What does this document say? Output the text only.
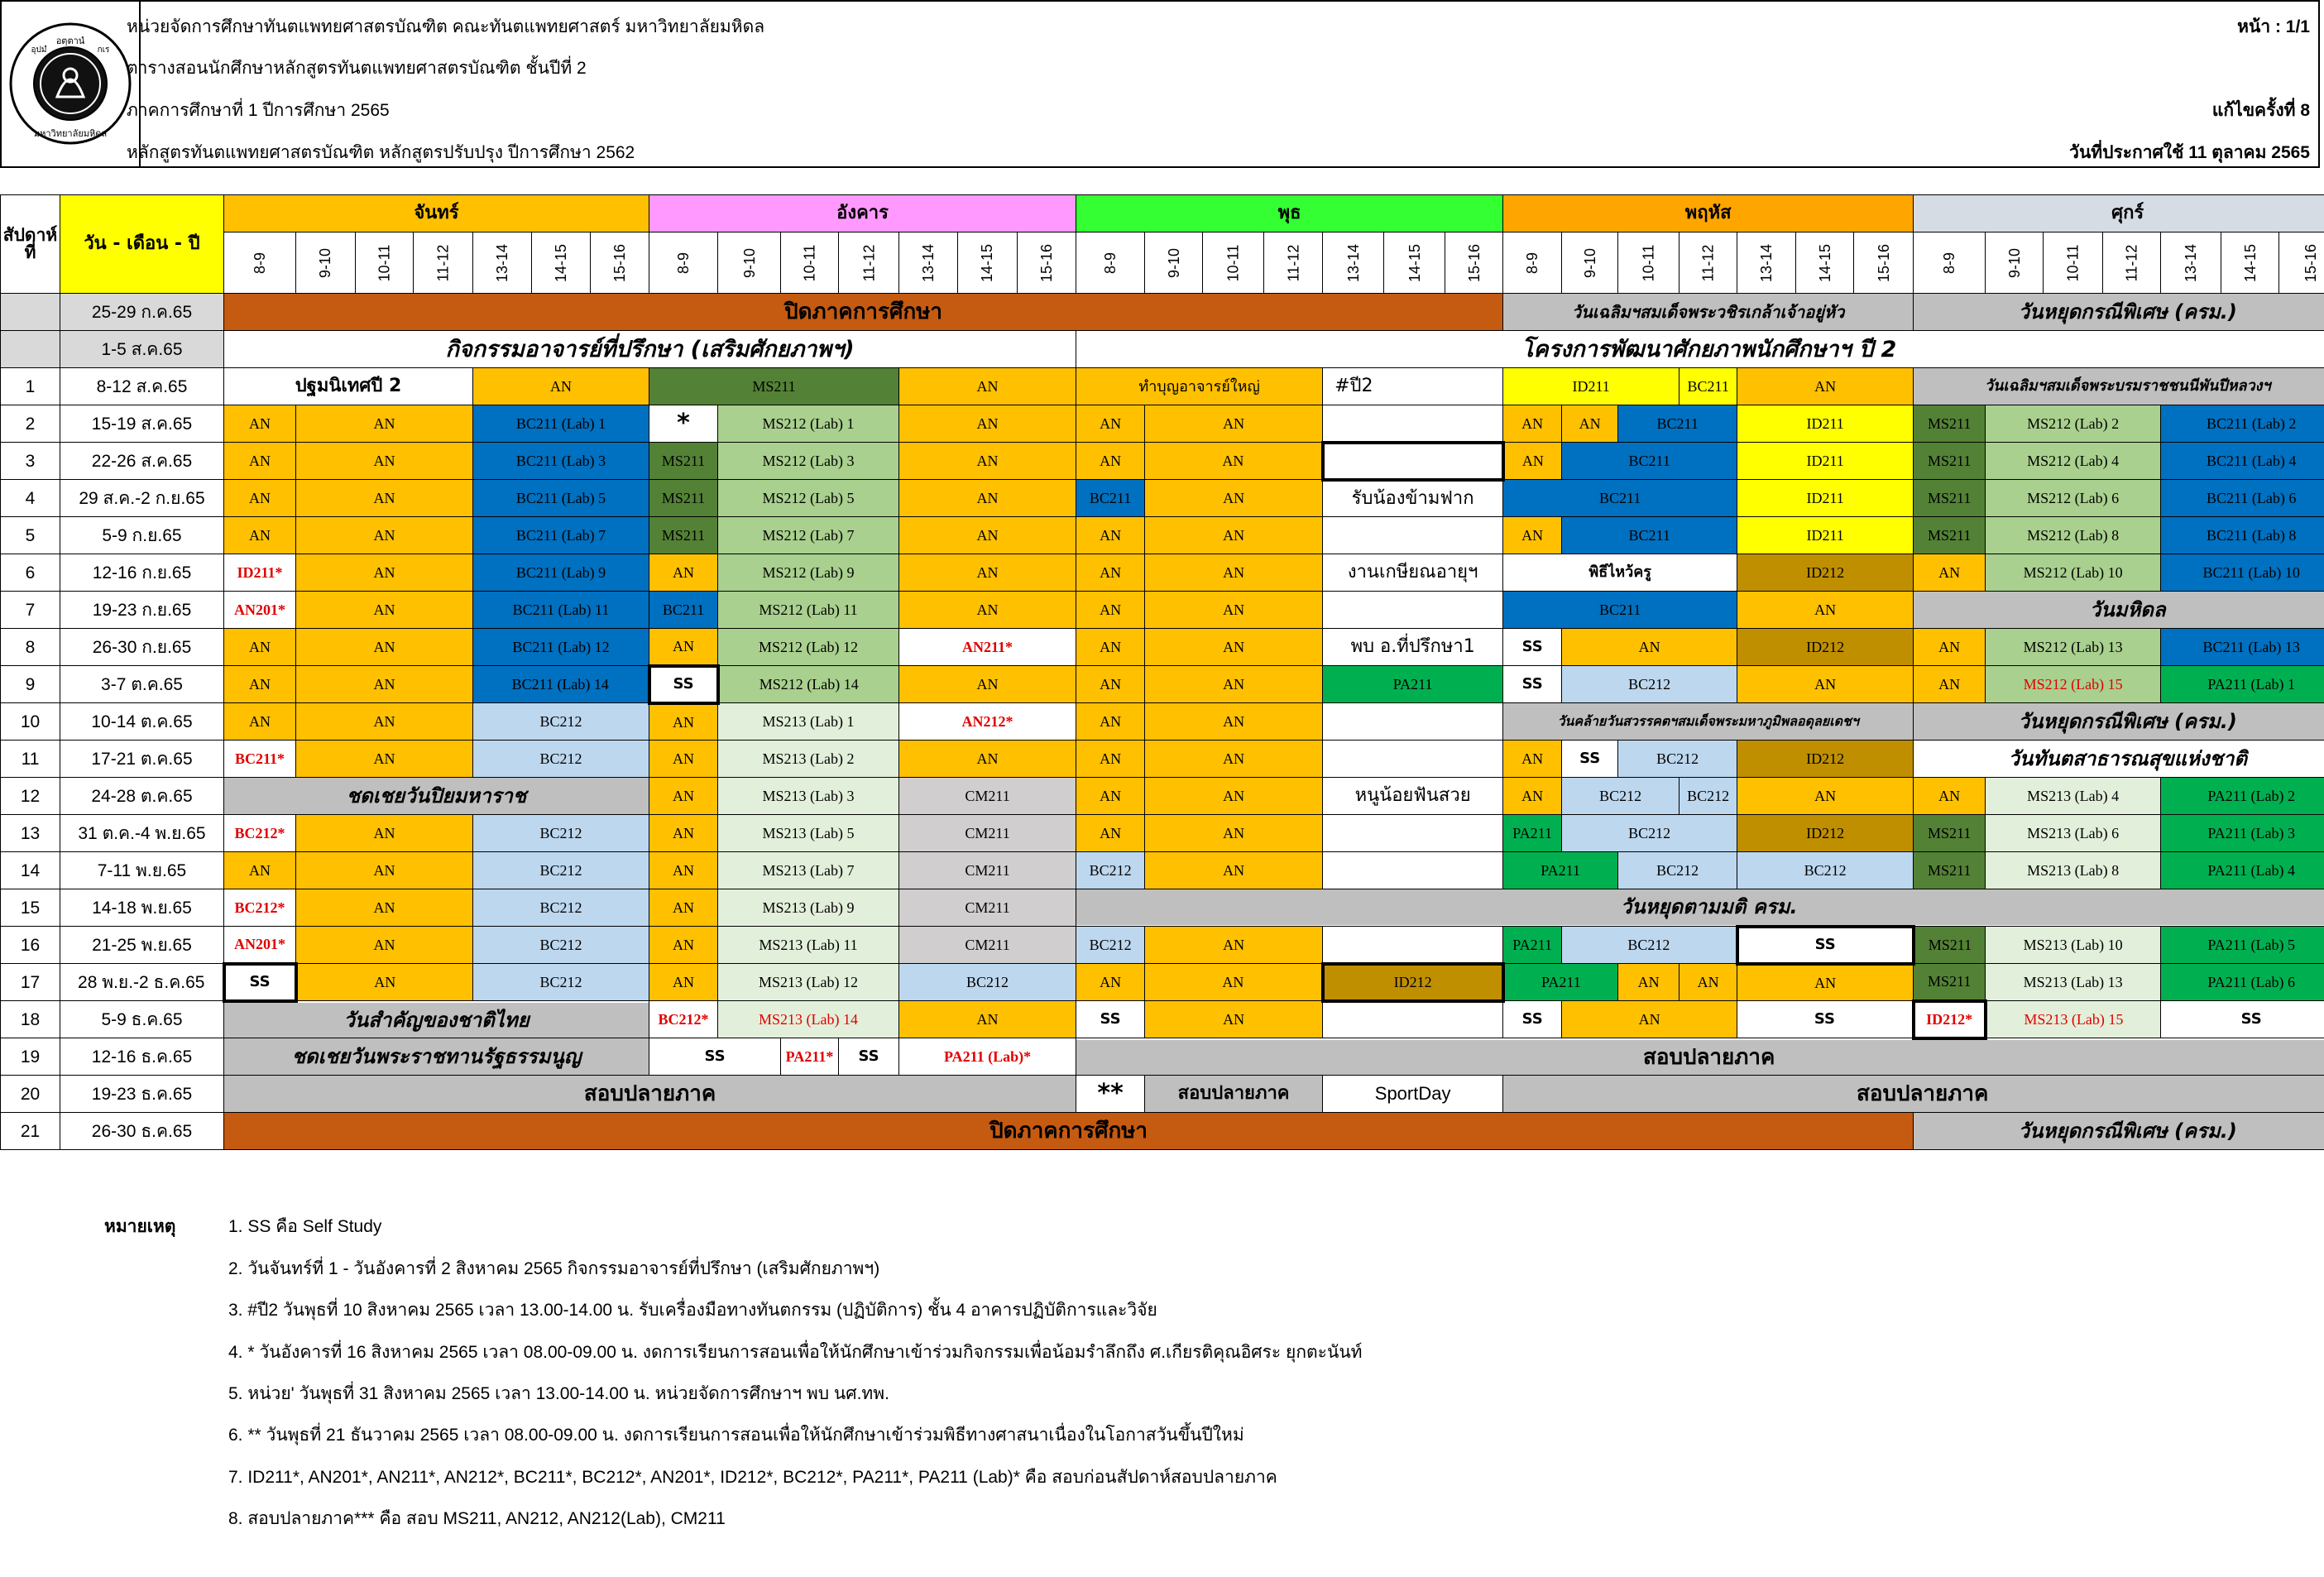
อตฺตานํ
อุปมํ	กเร
มหาวิทยาลัยมหิดล
หน่วยจัดการศึกษาทันตแพทยศาสตรบัณฑิต คณะทันตแพทยศาสตร์ มหาวิทยาลัยมหิดล
ตารางสอนนักศึกษาหลักสูตรทันตแพทยศาสตรบัณฑิต ชั้นปีที่ 2
ภาคการศึกษาที่ 1 ปีการศึกษา 2565
หลักสูตรทันตแพทยศาสตรบัณฑิต หลักสูตรปรับปรุง ปีการศึกษา 2562
หน้า : 1/1
แก้ไขครั้งที่ 8
วันที่ประกาศใช้ 11 ตุลาคม 2565
สัปดาห์ที่	วัน - เดือน - ปี	จันทร์							อังคาร							พุธ							พฤหัส							ศุกร์						
		8-9	9-10	10-11	11-12	13-14	14-15	15-16	8-9	9-10	10-11	11-12	13-14	14-15	15-16	8-9	9-10	10-11	11-12	13-14	14-15	15-16	8-9	9-10	10-11	11-12	13-14	14-15	15-16	8-9	9-10	10-11	11-12	13-14	14-15	15-16
	25-29 ก.ค.65	ปิดภาคการศึกษา																					วันเฉลิมฯสมเด็จพระวชิรเกล้าเจ้าอยู่หัว							วันหยุดกรณีพิเศษ (ครม.)						
	1-5 ส.ค.65	กิจกรรมอาจารย์ที่ปรึกษา (เสริมศักยภาพฯ)														โครงการพัฒนาศักยภาพนักศึกษาฯ ปี 2																				
1	8-12 ส.ค.65	ปฐมนิเทศปี 2				AN			MS211				AN			ทำบุญอาจารย์ใหญ่				#ปี2			ID211			BC211	AN			วันเฉลิมฯสมเด็จพระบรมราชชนนีพันปีหลวงฯ						
2	15-19 ส.ค.65	AN	AN			BC211 (Lab) 1			*	MS212 (Lab) 1			AN			AN	AN						AN	AN	BC211		ID211			MS211	MS212 (Lab) 2			BC211 (Lab) 2		
3	22-26 ส.ค.65	AN	AN			BC211 (Lab) 3			MS211	MS212 (Lab) 3			AN			AN	AN						AN	BC211			ID211			MS211	MS212 (Lab) 4			BC211 (Lab) 4		
4	29 ส.ค.-2 ก.ย.65	AN	AN			BC211 (Lab) 5			MS211	MS212 (Lab) 5			AN			BC211	AN			รับน้องข้ามฟาก			BC211				ID211			MS211	MS212 (Lab) 6			BC211 (Lab) 6		
5	5-9 ก.ย.65	AN	AN			BC211 (Lab) 7			MS211	MS212 (Lab) 7			AN			AN	AN						AN	BC211			ID211			MS211	MS212 (Lab) 8			BC211 (Lab) 8		
6	12-16 ก.ย.65	ID211*	AN			BC211 (Lab) 9			AN	MS212 (Lab) 9			AN			AN	AN			งานเกษียณอายุฯ			พิธีไหว้ครู				ID212			AN	MS212 (Lab) 10			BC211 (Lab) 10		
7	19-23 ก.ย.65	AN201*	AN			BC211 (Lab) 11			BC211	MS212 (Lab) 11			AN			AN	AN						BC211				AN			วันมหิดล						
8	26-30 ก.ย.65	AN	AN			BC211 (Lab) 12			AN	MS212 (Lab) 12			AN211*			AN	AN			พบ อ.ที่ปรึกษา1			SS	AN			ID212			AN	MS212 (Lab) 13			BC211 (Lab) 13		
9	3-7 ต.ค.65	AN	AN			BC211 (Lab) 14			SS	MS212 (Lab) 14			AN			AN	AN			PA211			SS	BC212			AN			AN	MS212 (Lab) 15			PA211 (Lab) 1		
10	10-14 ต.ค.65	AN	AN			BC212			AN	MS213 (Lab) 1			AN212*			AN	AN						วันคล้ายวันสวรรคตฯสมเด็จพระมหาภูมิพลอดุลยเดชฯ							วันหยุดกรณีพิเศษ (ครม.)						
11	17-21 ต.ค.65	BC211*	AN			BC212			AN	MS213 (Lab) 2			AN			AN	AN						AN	SS	BC212		ID212			วันทันตสาธารณสุขแห่งชาติ						
12	24-28 ต.ค.65	ชดเชยวันปิยมหาราช							AN	MS213 (Lab) 3			CM211			AN	AN			หนูน้อยฟันสวย			AN	BC212		BC212	AN			AN	MS213 (Lab) 4			PA211 (Lab) 2		
13	31 ต.ค.-4 พ.ย.65	BC212*	AN			BC212			AN	MS213 (Lab) 5			CM211			AN	AN						PA211	BC212			ID212			MS211	MS213 (Lab) 6			PA211 (Lab) 3		
14	7-11 พ.ย.65	AN	AN			BC212			AN	MS213 (Lab) 7			CM211			BC212	AN						PA211		BC212		BC212			MS211	MS213 (Lab) 8			PA211 (Lab) 4		
15	14-18 พ.ย.65	BC212*	AN			BC212			AN	MS213 (Lab) 9			CM211			วันหยุดตามมติ ครม.																				
16	21-25 พ.ย.65	AN201*	AN			BC212			AN	MS213 (Lab) 11			CM211			BC212	AN						PA211	BC212			SS			MS211	MS213 (Lab) 10			PA211 (Lab) 5		
17	28 พ.ย.-2 ธ.ค.65	SS	AN			BC212			AN	MS213 (Lab) 12			BC212			AN	AN			ID212			PA211		AN	AN	AN			MS211	MS213 (Lab) 13			PA211 (Lab) 6		
18	5-9 ธ.ค.65	วันสำคัญของชาติไทย							BC212*	MS213 (Lab) 14			AN			SS	AN						SS	AN			SS			ID212*	MS213 (Lab) 15			SS		
19	12-16 ธ.ค.65	ชดเชยวันพระราชทานรัฐธรรมนูญ							SS		PA211*	SS	PA211 (Lab)*			สอบปลายภาค																				
20	19-23 ธ.ค.65	สอบปลายภาค														**	สอบปลายภาค			SportDay			สอบปลายภาค													
21	26-30 ธ.ค.65	ปิดภาคการศึกษา																												วันหยุดกรณีพิเศษ (ครม.)						
หมายเหตุ	1. SS คือ Self Study
2. วันจันทร์ที่ 1 - วันอังคารที่ 2 สิงหาคม 2565 กิจกรรมอาจารย์ที่ปรึกษา (เสริมศักยภาพฯ)
3. #ปี2 วันพุธที่ 10 สิงหาคม 2565 เวลา 13.00-14.00 น. รับเครื่องมือทางทันตกรรม (ปฏิบัติการ) ชั้น 4 อาคารปฏิบัติการและวิจัย
4. * วันอังคารที่ 16 สิงหาคม 2565 เวลา 08.00-09.00 น. งดการเรียนการสอนเพื่อให้นักศึกษาเข้าร่วมกิจกรรมเพื่อน้อมรำลึกถึง ศ.เกียรติคุณอิศระ ยุกตะนันท์
5. หน่วย' วันพุธที่ 31 สิงหาคม 2565 เวลา 13.00-14.00 น. หน่วยจัดการศึกษาฯ พบ นศ.ทพ.
6. ** วันพุธที่ 21 ธันวาคม 2565 เวลา 08.00-09.00 น. งดการเรียนการสอนเพื่อให้นักศึกษาเข้าร่วมพิธีทางศาสนาเนื่องในโอกาสวันขึ้นปีใหม่
7. ID211*, AN201*, AN211*, AN212*, BC211*, BC212*, AN201*, ID212*, BC212*, PA211*, PA211 (Lab)* คือ สอบก่อนสัปดาห์สอบปลายภาค
8. สอบปลายภาค*** คือ สอบ MS211, AN212, AN212(Lab), CM211
